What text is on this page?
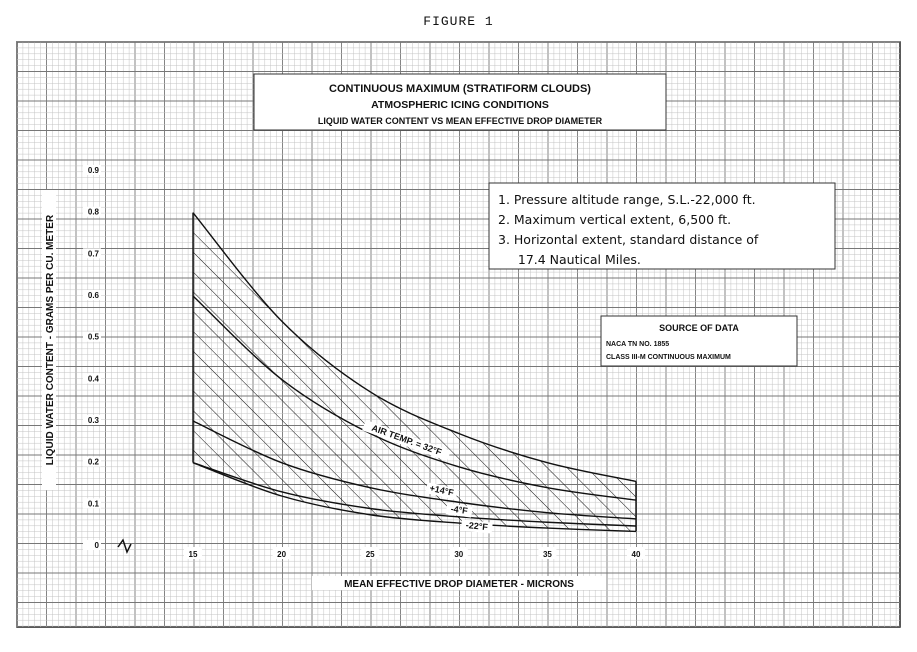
FIGURE 1
AIR TEMP. = 32°F
+14°F
-4°F
-22°F
CONTINUOUS MAXIMUM (STRATIFORM CLOUDS)
ATMOSPHERIC ICING CONDITIONS
LIQUID WATER CONTENT VS MEAN EFFECTIVE DROP DIAMETER
1. Pressure altitude range, S.L.-22,000 ft.
2. Maximum vertical extent, 6,500 ft.
3. Horizontal extent, standard distance of
17.4 Nautical Miles.
SOURCE OF DATA
NACA TN NO. 1855
CLASS III-M CONTINUOUS MAXIMUM
0
0.1
0.2
0.3
0.4
0.5
0.6
0.7
0.8
0.9
15	20	25	30	35	40
MEAN EFFECTIVE DROP DIAMETER - MICRONS
LIQUID WATER CONTENT - GRAMS PER CU. METER
